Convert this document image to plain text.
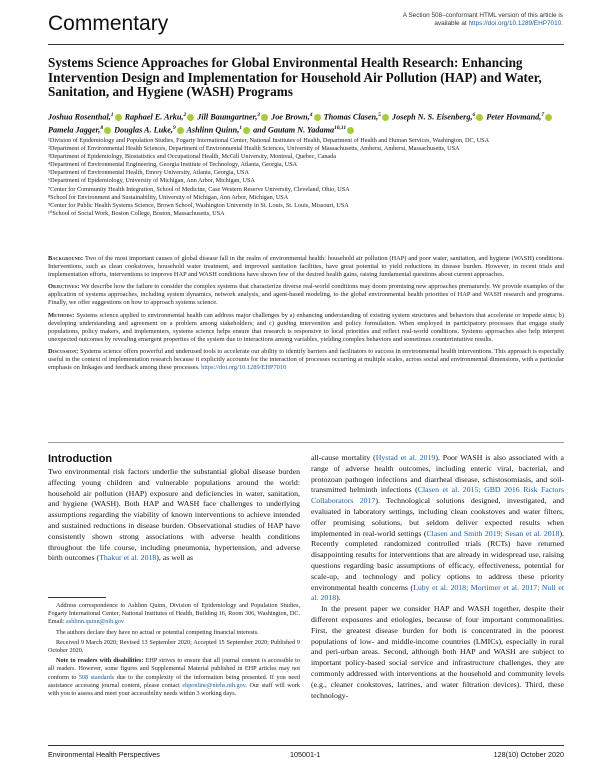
Commentary	A Section 508–conformant HTML version of this article is available at https://doi.org/10.1289/EHP7010.
Systems Science Approaches for Global Environmental Health Research: Enhancing Intervention Design and Implementation for Household Air Pollution (HAP) and Water, Sanitation, and Hygiene (WASH) Programs
Joshua Rosenthal,$^1$ Raphael E. Arku,$^2$ Jill Baumgartner,$^3$ Joe Brown,$^4$ Thomas Clasen,$^5$ Joseph N. S. Eisenberg,$^6$ Peter Hovmand,$^7$ Pamela Jagger,$^8$ Douglas A. Luke,$^9$ Ashlinn Quinn,$^1$ and Gautam N. Yadama$^{10,11}$
¹Division of Epidemiology and Population Studies, Fogarty International Center, National Institutes of Health, Department of Health and Human Services, Washington, DC, USA
²Department of Environmental Health Sciences, Department of Environmental Health Sciences, University of Massachusetts, Amherst, Amherst, Massachusetts, USA
³Department of Epidemiology, Biostatistics and Occupational Health, McGill University, Montreal, Quebec, Canada
⁴Department of Environmental Engineering, Georgia Institute of Technology, Atlanta, Georgia, USA
⁵Department of Environmental Health, Emory University, Atlanta, Georgia, USA
⁶Department of Epidemiology, University of Michigan, Ann Arbor, Michigan, USA
⁷Center for Community Health Integration, School of Medicine, Case Western Reserve University, Cleveland, Ohio, USA
⁸School for Environment and Sustainability, University of Michigan, Ann Arbor, Michigan, USA
⁹Center for Public Health Systems Science, Brown School, Washington University in St. Louis, St. Louis, Missouri, USA
¹⁰School of Social Work, Boston College, Boston, Massachusetts, USA

Background: Two of the most important causes of global disease fall in the realm of environmental health: household air pollution (HAP) and poor water, sanitation, and hygiene (WASH) conditions. Interventions, such as clean cookstoves, household water treatment, and improved sanitation facilities, have great potential to yield reductions in disease burden. However, in recent trials and implementation efforts, interventions to improve HAP and WASH conditions have shown few of the desired health gains, raising fundamental questions about current approaches.

Objectives: We describe how the failure to consider the complex systems that characterize diverse real-world conditions may doom promising new approaches prematurely. We provide examples of the application of systems approaches, including system dynamics, network analysis, and agent-based modeling, to the global environmental health priorities of HAP and WASH research and programs. Finally, we offer suggestions on how to approach systems science.

Methods: Systems science applied to environmental health can address major challenges by a) enhancing understanding of existing system structures and behaviors that accelerate or impede aims; b) developing understanding and agreement on a problem among stakeholders; and c) guiding intervention and policy formulation. When employed in participatory processes that engage study populations, policy makers, and implementers, systems science helps ensure that research is responsive to local priorities and reflect real-world conditions. Systems approaches also help interpret unexpected outcomes by revealing emergent properties of the system due to interactions among variables, yielding complex behaviors and sometimes counterintuitive results.

Discussion: Systems science offers powerful and underused tools to accelerate our ability to identify barriers and facilitators to success in environmental health interventions. This approach is especially useful in the context of implementation research because it explicitly accounts for the interaction of processes occurring at multiple scales, across social and environmental dimensions, with a particular emphasis on linkages and feedback among these processes. https://doi.org/10.1289/EHP7010

Introduction
Two environmental risk factors underlie the substantial global disease burden affecting young children and vulnerable populations around the world: household air pollution (HAP) exposure and deficiencies in water, sanitation, and hygiene (WASH). Both HAP and WASH face challenges to underlying assumptions regarding the viability of known interventions to achieve intended and sustained reductions in disease burden. Observational studies of HAP have consistently shown strong associations with adverse health conditions throughout the life course, including pneumonia, hypertension, and adverse birth outcomes (Thakur et al. 2018), as well as

all-cause mortality (Hystad et al. 2019). Poor WASH is also associated with a range of adverse health outcomes, including enteric viral, bacterial, and protozoan pathogen infections and diarrheal disease, schistosomiasis, and soil-transmitted helminth infections (Clasen et al. 2015; GBD 2016 Risk Factors Collaborators 2017). Technological solutions designed, investigated, and evaluated in laboratory settings, including clean cookstoves and water filters, offer promising solutions, but seldom deliver expected results when implemented in real-world settings (Clasen and Smith 2019; Sesan et al. 2018). Recently completed randomized controlled trials (RCTs) have returned disappointing results for interventions that are already in widespread use, raising questions regarding basic assumptions of efficacy, effectiveness, potential for scale-up, and technology and policy options to address these priority environmental health concerns (Luby et al. 2018; Mortimer et al. 2017; Null et al. 2018).

In the present paper we consider HAP and WASH together, despite their different exposures and etiologies, because of four important commonalities. First, the greatest disease burden for both is concentrated in the poorest populations of low- and middle-income countries (LMICs), especially in rural and peri-urban areas. Second, although both HAP and WASH are subject to important policy-based social service and infrastructure challenges, they are commonly addressed with interventions at the household and community levels (e.g., cleaner cookstoves, latrines, and water filtration devices). Third, these technology-

Address correspondence to Ashlinn Quinn, Division of Epidemiology and Population Studies, Fogarty International Center, National Institutes of Health, Building 16, Room 306, Washington, DC. Email: ashlinn.quinn@nih.gov

The authors declare they have no actual or potential competing financial interests.

Received 9 March 2020; Revised 13 September 2020; Accepted 15 September 2020; Published 9 October 2020.

Note to readers with disabilities: EHP strives to ensure that all journal content is accessible to all readers. However, some figures and Supplemental Material published in EHP articles may not conform to 508 standards due to the complexity of the information being presented. If you need assistance accessing journal content, please contact ehponline@niehs.nih.gov. Our staff will work with you to assess and meet your accessibility needs within 3 working days.

Environmental Health Perspectives	105001-1	128(10) October 2020
